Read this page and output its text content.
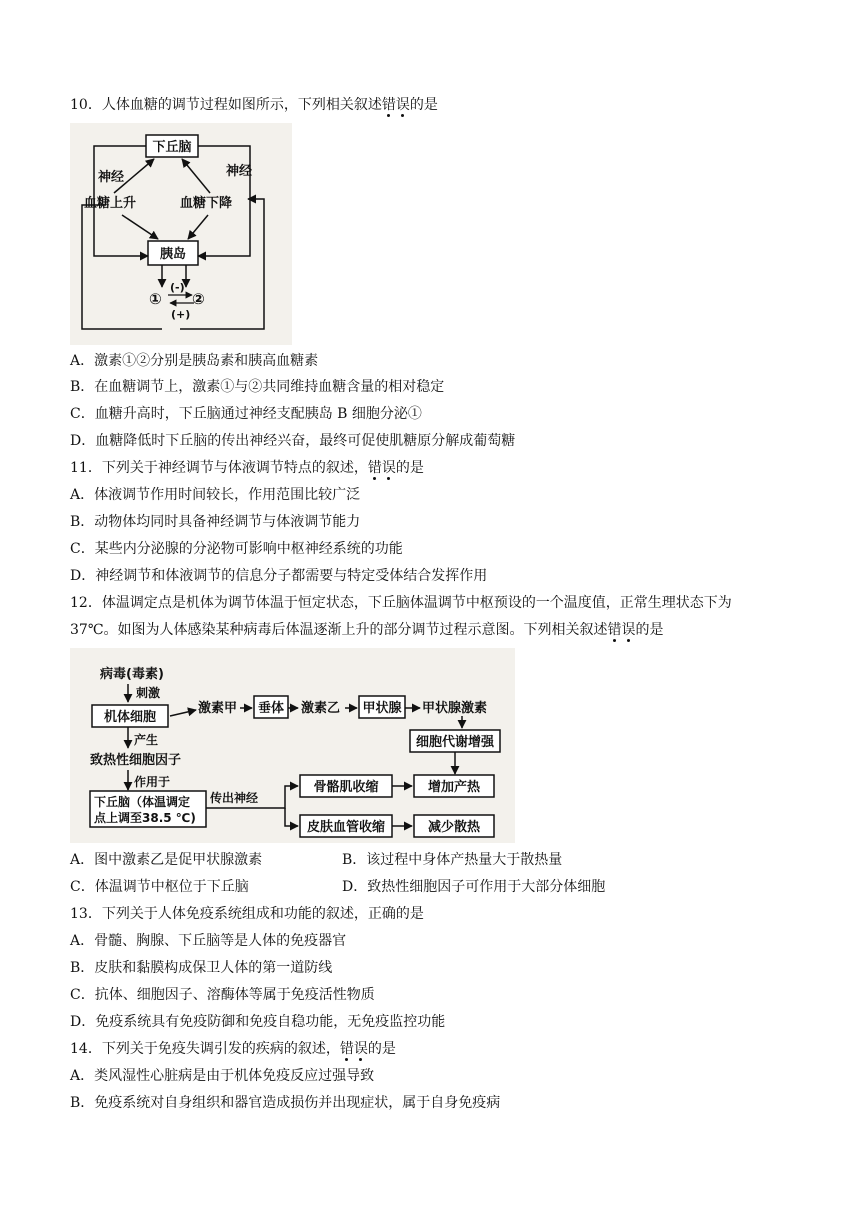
10．人体血糖的调节过程如图所示，下列相关叙述错误的是
下丘脑
胰岛
神经	神经
血糖上升	血糖下降
① ②
(-)
(+)
A．激素①②分别是胰岛素和胰高血糖素
B．在血糖调节上，激素①与②共同维持血糖含量的相对稳定
C．血糖升高时，下丘脑通过神经支配胰岛 B 细胞分泌①
D．血糖降低时下丘脑的传出神经兴奋，最终可促使肌糖原分解成葡萄糖
11．下列关于神经调节与体液调节特点的叙述，错误的是
A．体液调节作用时间较长，作用范围比较广泛
B．动物体均同时具备神经调节与体液调节能力
C．某些内分泌腺的分泌物可影响中枢神经系统的功能
D．神经调节和体液调节的信息分子都需要与特定受体结合发挥作用
12．体温调定点是机体为调节体温于恒定状态，下丘脑体温调节中枢预设的一个温度值，正常生理状态下为
37℃。如图为人体感染某种病毒后体温逐渐上升的部分调节过程示意图。下列相关叙述错误的是
病毒(毒素)
刺激
机体细胞
产生
致热性细胞因子
作用于
下丘脑（体温调定
点上调至38.5 ℃)
激素甲 垂体 激素乙 甲状腺 甲状腺激素
细胞代谢增强
传出神经
骨骼肌收缩
皮肤血管收缩
增加产热
减少散热
A．图中激素乙是促甲状腺激素	B．该过程中身体产热量大于散热量
C．体温调节中枢位于下丘脑	D．致热性细胞因子可作用于大部分体细胞
13．下列关于人体免疫系统组成和功能的叙述，正确的是
A．骨髓、胸腺、下丘脑等是人体的免疫器官
B．皮肤和黏膜构成保卫人体的第一道防线
C．抗体、细胞因子、溶酶体等属于免疫活性物质
D．免疫系统具有免疫防御和免疫自稳功能，无免疫监控功能
14．下列关于免疫失调引发的疾病的叙述，错误的是
A．类风湿性心脏病是由于机体免疫反应过强导致
B．免疫系统对自身组织和器官造成损伤并出现症状，属于自身免疫病
